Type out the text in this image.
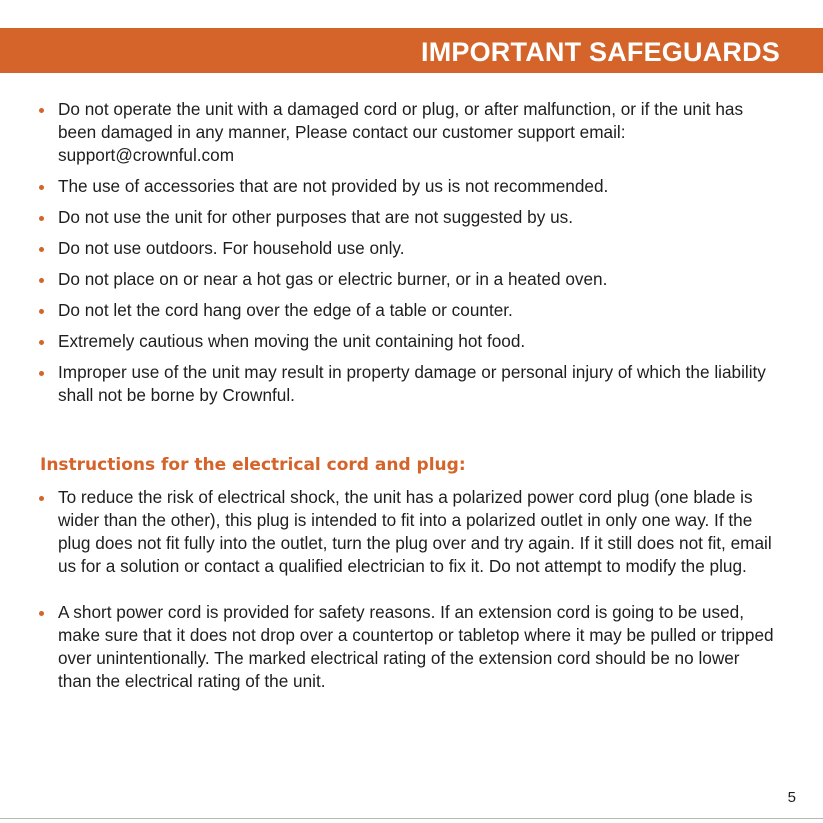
IMPORTANT SAFEGUARDS
Do not operate the unit with a damaged cord or plug, or after malfunction, or if the unit has been damaged in any manner, Please contact our customer support email: support@crownful.com
The use of accessories that are not provided by us is not recommended.
Do not use the unit for other purposes that are not suggested by us.
Do not use outdoors. For household use only.
Do not place on or near a hot gas or electric burner, or in a heated oven.
Do not let the cord hang over the edge of a table or counter.
Extremely cautious when moving the unit containing hot food.
Improper use of the unit may result in property damage or personal injury of which the liability shall not be borne by Crownful.
Instructions for the electrical cord and plug:
To reduce the risk of electrical shock, the unit has a polarized power cord plug (one blade is wider than the other), this plug is intended to fit into a polarized outlet in only one way. If the plug does not fit fully into the outlet, turn the plug over and try again. If it still does not fit, email us for a solution or contact a qualified electrician to fix it. Do not attempt to modify the plug.
A short power cord is provided for safety reasons. If an extension cord is going to be used, make sure that it does not drop over a countertop or tabletop where it may be pulled or tripped over unintentionally. The marked electrical rating of the extension cord should be no lower than the electrical rating of the unit.
5
